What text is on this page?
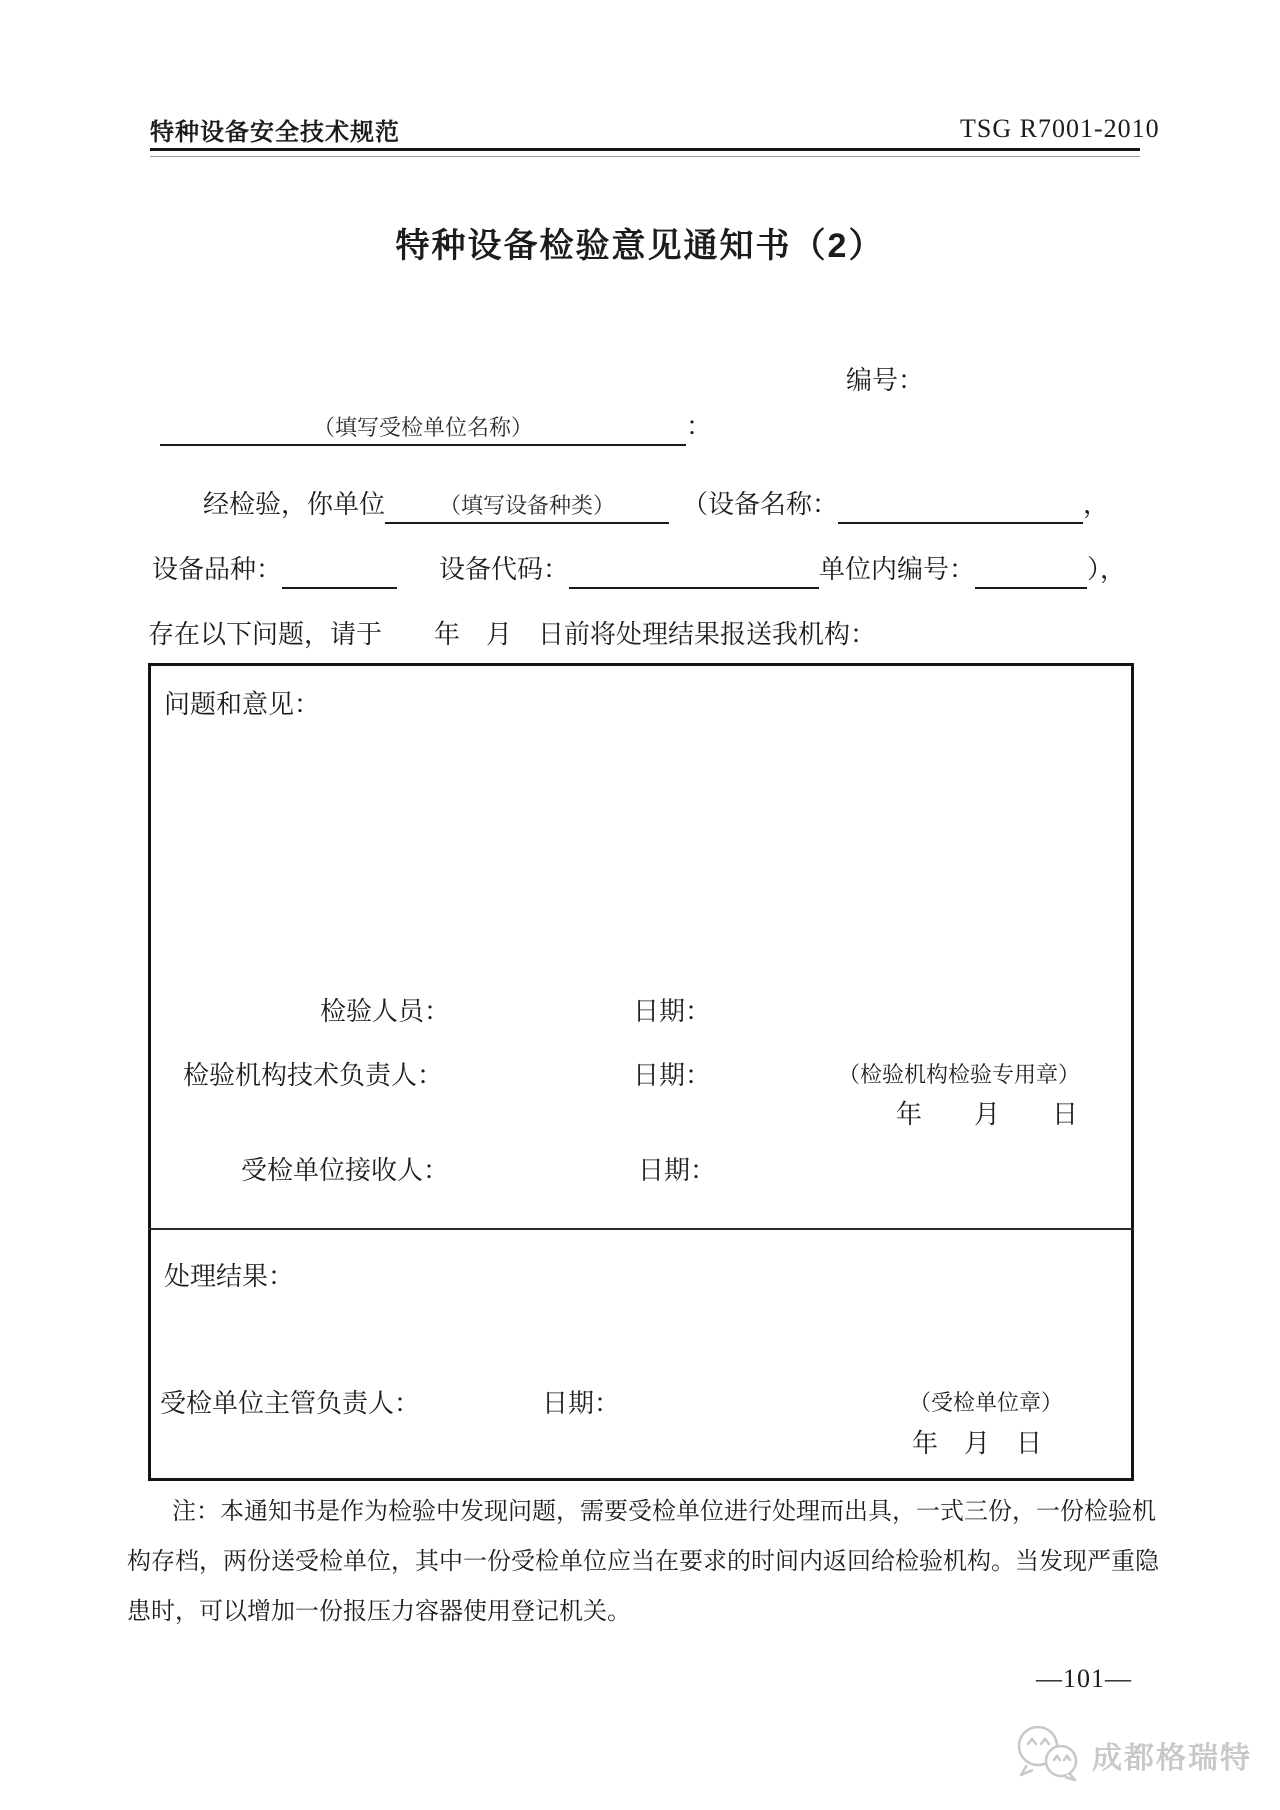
特种设备安全技术规范	TSG R7001-2010
特种设备检验意见通知书（2）
编号：
（填写受检单位名称）	：
经检验，你单位 （填写设备种类）	（设备名称：	，
设备品种：	设备代码：	单位内编号：	），
存在以下问题，请于　　年　月　日前将处理结果报送我机构：
问题和意见：
检验人员：	日期：
检验机构技术负责人：	日期：	（检验机构检验专用章）
年　　月　　日
受检单位接收人：	日期：
处理结果：
受检单位主管负责人：	日期：	（受检单位章）
年　月　日
注：本通知书是作为检验中发现问题，需要受检单位进行处理而出具，一式三份，一份检验机
构存档，两份送受检单位，其中一份受检单位应当在要求的时间内返回给检验机构。当发现严重隐
患时，可以增加一份报压力容器使用登记机关。
—101—
成都格瑞特
